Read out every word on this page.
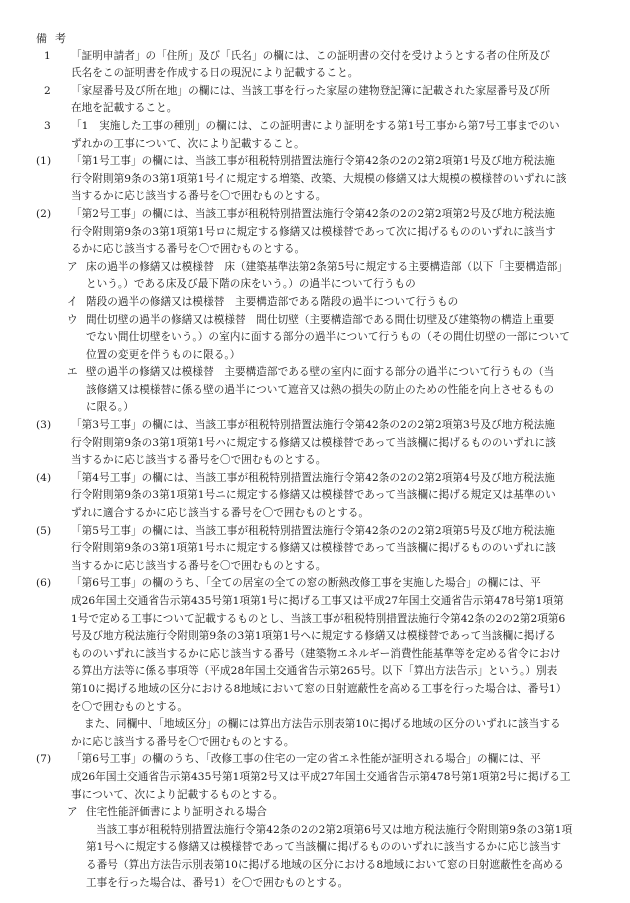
備考
1 「証明申請者」の「住所」及び「氏名」の欄には、この証明書の交付を受けようとする者の住所及び
氏名をこの証明書を作成する日の現況により記載すること。
2 「家屋番号及び所在地」の欄には、当該工事を行った家屋の建物登記簿に記載された家屋番号及び所
在地を記載すること。
3 「1　実施した工事の種別」の欄には、この証明書により証明をする第1号工事から第7号工事までのい
ずれかの工事について、次により記載すること。
(1) 「第1号工事」の欄には、当該工事が租税特別措置法施行令第42条の2の2第2項第1号及び地方税法施
行令附則第9条の3第1項第1号イに規定する増築、改築、大規模の修繕又は大規模の模様替のいずれに該
当するかに応じ該当する番号を〇で囲むものとする。
(2) 「第2号工事」の欄には、当該工事が租税特別措置法施行令第42条の2の2第2項第2号及び地方税法施
行令附則第9条の3第1項第1号ロに規定する修繕又は模様替であって次に掲げるもののいずれに該当す
るかに応じ該当する番号を〇で囲むものとする。
ア 床の過半の修繕又は模様替　床（建築基準法第2条第5号に規定する主要構造部（以下「主要構造部」
という。）である床及び最下階の床をいう。）の過半について行うもの
イ 階段の過半の修繕又は模様替　主要構造部である階段の過半について行うもの
ウ 間仕切壁の過半の修繕又は模様替　間仕切壁（主要構造部である間仕切壁及び建築物の構造上重要
でない間仕切壁をいう。）の室内に面する部分の過半について行うもの（その間仕切壁の一部について
位置の変更を伴うものに限る。）
エ 壁の過半の修繕又は模様替　主要構造部である壁の室内に面する部分の過半について行うもの（当
該修繕又は模様替に係る壁の過半について遮音又は熱の損失の防止のための性能を向上させるもの
に限る。）
(3) 「第3号工事」の欄には、当該工事が租税特別措置法施行令第42条の2の2第2項第3号及び地方税法施
行令附則第9条の3第1項第1号ハに規定する修繕又は模様替であって当該欄に掲げるもののいずれに該
当するかに応じ該当する番号を〇で囲むものとする。
(4) 「第4号工事」の欄には、当該工事が租税特別措置法施行令第42条の2の2第2項第4号及び地方税法施
行令附則第9条の3第1項第1号ニに規定する修繕又は模様替であって当該欄に掲げる規定又は基準のい
ずれに適合するかに応じ該当する番号を〇で囲むものとする。
(5) 「第5号工事」の欄には、当該工事が租税特別措置法施行令第42条の2の2第2項第5号及び地方税法施
行令附則第9条の3第1項第1号ホに規定する修繕又は模様替であって当該欄に掲げるもののいずれに該
当するかに応じ該当する番号を〇で囲むものとする。
(6) 「第6号工事」の欄のうち、「全ての居室の全ての窓の断熱改修工事を実施した場合」の欄には、平
成26年国土交通省告示第435号第1項第1号に掲げる工事又は平成27年国土交通省告示第478号第1項第
1号で定める工事について記載するものとし、当該工事が租税特別措置法施行令第42条の2の2第2項第6
号及び地方税法施行令附則第9条の3第1項第1号ヘに規定する修繕又は模様替であって当該欄に掲げる
もののいずれに該当するかに応じ該当する番号（建築物エネルギー消費性能基準等を定める省令におけ
る算出方法等に係る事項等（平成28年国土交通省告示第265号。以下「算出方法告示」という。）別表
第10に掲げる地域の区分における8地域において窓の日射遮蔽性を高める工事を行った場合は、番号1）
を〇で囲むものとする。
また、同欄中、「地域区分」の欄には算出方法告示別表第10に掲げる地域の区分のいずれに該当する
かに応じ該当する番号を〇で囲むものとする。
(7) 「第6号工事」の欄のうち、「改修工事の住宅の一定の省エネ性能が証明される場合」の欄には、平
成26年国土交通省告示第435号第1項第2号又は平成27年国土交通省告示第478号第1項第2号に掲げる工
事について、次により記載するものとする。
ア 住宅性能評価書により証明される場合
当該工事が租税特別措置法施行令第42条の2の2第2項第6号又は地方税法施行令附則第9条の3第1項
第1号ヘに規定する修繕又は模様替であって当該欄に掲げるもののいずれに該当するかに応じ該当す
る番号（算出方法告示別表第10に掲げる地域の区分における8地域において窓の日射遮蔽性を高める
工事を行った場合は、番号1）を〇で囲むものとする。
